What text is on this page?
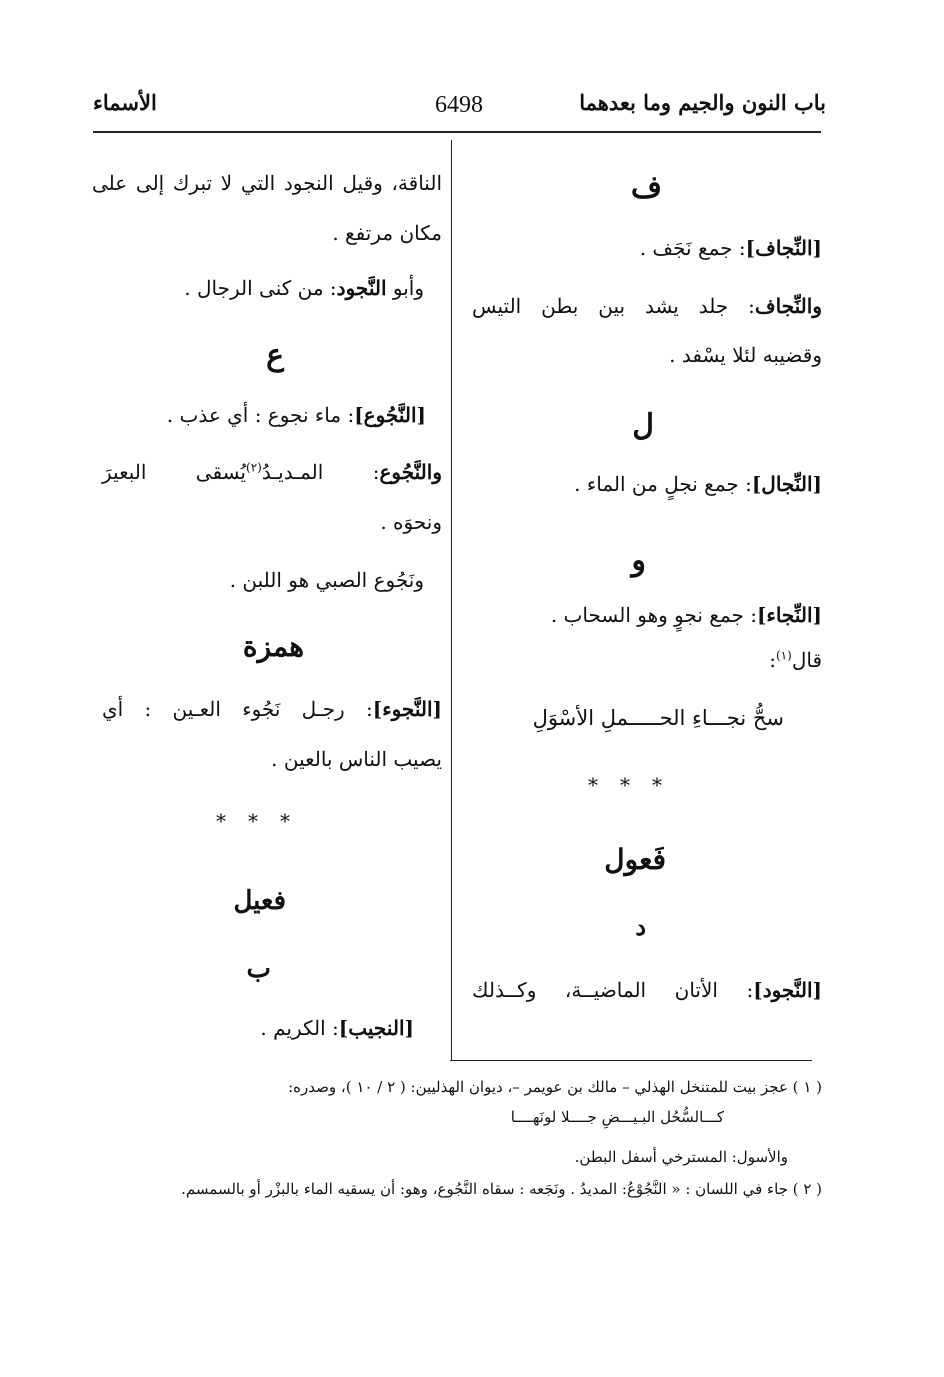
باب النون والجيم وما بعدهما
6498
الأسماء
ف
[النِّجاف]: جمع نَجَف .
والنِّجاف: جلد يشد بين بطن التيس
وقضيبه لئلا يسْفد .
ل
[النِّجال]: جمع نجلٍ من الماء .
و
[النِّجاء]: جمع نجوٍ وهو السحاب .
قال$^{(١)}$:
سحُّ نجـــاءِ الحـــــملِ الأسْوَلِ
***
فَعول
د
[النَّجود]: الأتان الماضيــة، وكــذلك
الناقة، وقيل النجود التي لا تبرك إلى على
مكان مرتفع .
وأبو النَّجود: من كنى الرجال .
ع
[النَّجُوع]: ماء نجوع : أي عذب .
والنَّجُوع: المـديـدُ$^{(٢)}$يُسقى البعيرَ
ونحوَه .
ونَجُوع الصبي هو اللبن .
همزة
[النَّجوء]: رجـل نَجُوء العـين : أي
يصيب الناس بالعين .
***
فعيل
ب
[النجيب]: الكريم .
( ١ ) عجز بيت للمتنخل الهذلي – مالك بن عويمر –، ديوان الهذليين: ( ٢ / ١٠ )، وصدره:
كـــالسُّحُل البـيـــضِ جــــلا لونَهــــا
والأسول: المسترخي أسفل البطن.
( ٢ ) جاء في اللسان : « النَّجُوْعُ: المديدُ . ونَجَعه : سقاه النَّجُوع، وهو: أن يسقيه الماء بالبزْر أو بالسمسم.
